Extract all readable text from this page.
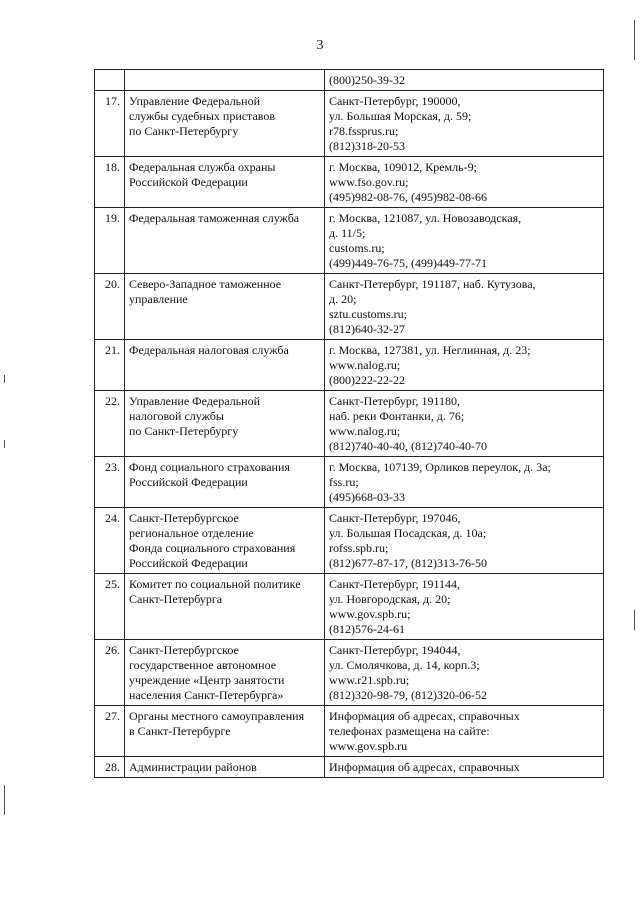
3

		(800)250-39-32

17.	Управление Федеральной
службы судебных приставов
по Санкт-Петербургу	Санкт-Петербург, 190000,
ул. Большая Морская, д. 59;
r78.fssprus.ru;
(812)318-20-53

18.	Федеральная служба охраны
Российской Федерации	г. Москва, 109012, Кремль-9;
www.fso.gov.ru;
(495)982-08-76, (495)982-08-66

19.	Федеральная таможенная служба	г. Москва, 121087, ул. Новозаводская,
д. 11/5;
customs.ru;
(499)449-76-75, (499)449-77-71

20.	Северо-Западное таможенное
управление	Санкт-Петербург, 191187, наб. Кутузова,
д. 20;
sztu.customs.ru;
(812)640-32-27

21.	Федеральная налоговая служба	г. Москва, 127381, ул. Неглинная, д. 23;
www.nalog.ru;
(800)222-22-22

22.	Управление Федеральной
налоговой службы
по Санкт-Петербургу	Санкт-Петербург, 191180,
наб. реки Фонтанки, д. 76;
www.nalog.ru;
(812)740-40-40, (812)740-40-70

23.	Фонд социального страхования
Российской Федерации	г. Москва, 107139, Орликов переулок, д. 3а;
fss.ru;
(495)668-03-33

24.	Санкт-Петербургское
региональное отделение
Фонда социального страхования
Российской Федерации	Санкт-Петербург, 197046,
ул. Большая Посадская, д. 10а;
rofss.spb.ru;
(812)677-87-17, (812)313-76-50

25.	Комитет по социальной политике
Санкт-Петербурга	Санкт-Петербург, 191144,
ул. Новгородская, д. 20;
www.gov.spb.ru;
(812)576-24-61

26.	Санкт-Петербургское
государственное автономное
учреждение «Центр занятости
населения Санкт-Петербурга»	Санкт-Петербург, 194044,
ул. Смолячкова, д. 14, корп.3;
www.r21.spb.ru;
(812)320-98-79, (812)320-06-52

27.	Органы местного самоуправления
в Санкт-Петербурге	Информация об адресах, справочных
телефонах размещена на сайте:
www.gov.spb.ru

28.	Администрации районов	Информация об адресах, справочных
